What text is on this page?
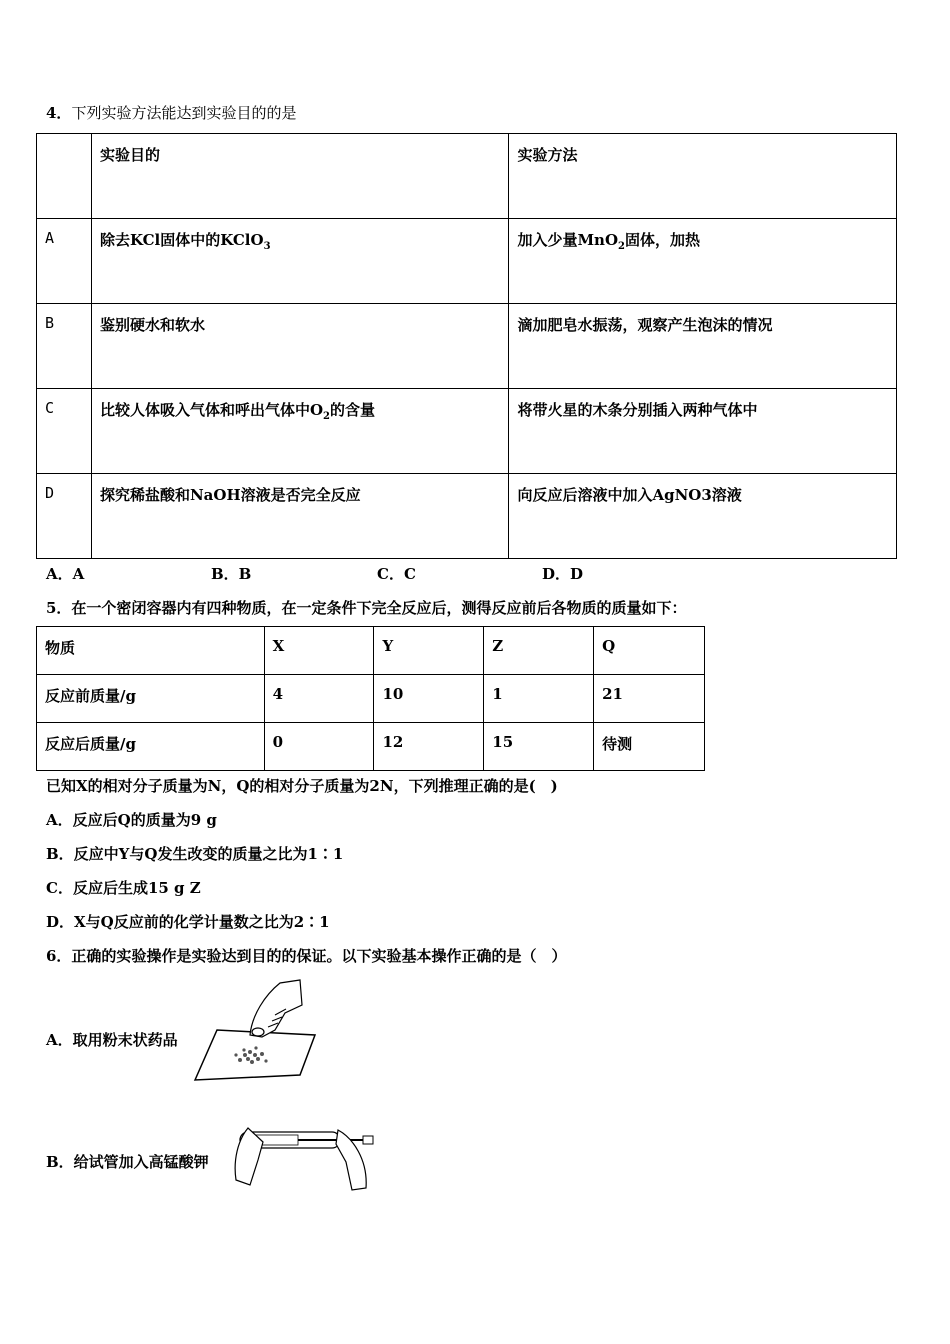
4．下列实验方法能达到实验目的的是
	实验目的	实验方法
A	除去KCl固体中的KClO$_3$	加入少量MnO$_2$固体，加热
B	鉴别硬水和软水	滴加肥皂水振荡，观察产生泡沫的情况
C	比较人体吸入气体和呼出气体中$O_2$的含量	将带火星的木条分别插入两种气体中
D	探究稀盐酸和NaOH溶液是否完全反应	向反应后溶液中加入AgNO3溶液
A．A	B．B	C．C	D．D
5．在一个密闭容器内有四种物质，在一定条件下完全反应后，测得反应前后各物质的质量如下：
物质	X	Y	Z	Q
反应前质量/g	4	10	1	21
反应后质量/g	0	12	15	待测
已知X的相对分子质量为N，Q的相对分子质量为2N，下列推理正确的是(　)
A．反应后Q的质量为9 g
B．反应中Y与Q发生改变的质量之比为1∶1
C．反应后生成15 g Z
D．X与Q反应前的化学计量数之比为2∶1
6．正确的实验操作是实验达到目的的保证。以下实验基本操作正确的是（　）
A．取用粉末状药品
B．给试管加入高锰酸钾
